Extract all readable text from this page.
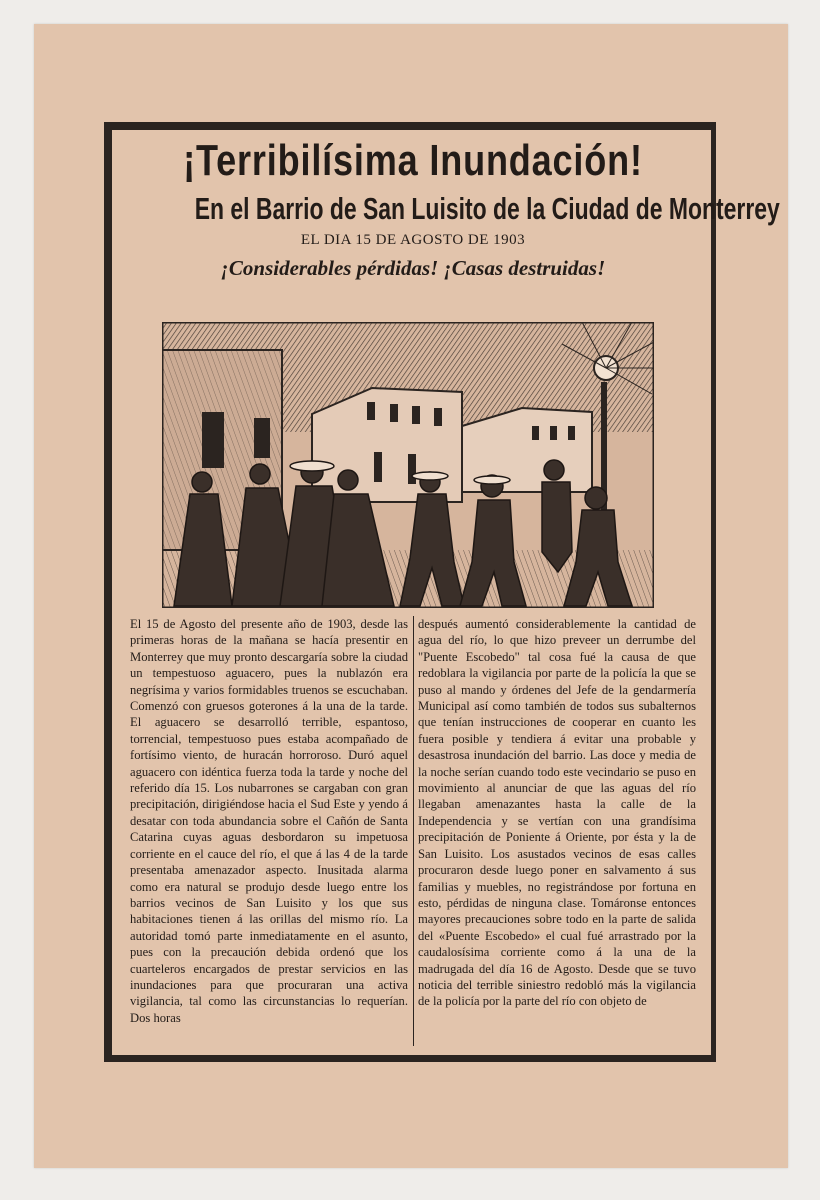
¡Terribilísima Inundación!
En el Barrio de San Luisito de la Ciudad de Monterrey

EL DIA 15 DE AGOSTO DE 1903

¡Considerables pérdidas! ¡Casas destruidas!

El 15 de Agosto del presente año de 1903, desde las primeras horas de la mañana se hacía presentir en Monterrey que muy pronto descargaría sobre la ciudad un tempestuoso aguacero, pues la nublazón era negrísima y varios formidables truenos se escuchaban. Comenzó con gruesos goterones á la una de la tarde. El aguacero se desarrolló terrible, espantoso, torrencial, tempestuoso pues estaba acompañado de fortísimo viento, de huracán horroroso. Duró aquel aguacero con idéntica fuerza toda la tarde y noche del referido día 15. Los nubarrones se cargaban con gran precipitación, dirigiéndose hacia el Sud Este y yendo á desatar con toda abundancia sobre el Cañón de Santa Catarina cuyas aguas desbordaron su impetuosa corriente en el cauce del río, el que á las 4 de la tarde presentaba amenazador aspecto. Inusitada alarma como era natural se produjo desde luego entre los barrios vecinos de San Luisito y los que sus habitaciones tienen á las orillas del mismo río. La autoridad tomó parte inmediatamente en el asunto, pues con la precaución debida ordenó que los cuarteleros encargados de prestar servicios en las inundaciones para que procuraran una activa vigilancia, tal como las circunstancias lo requerían. Dos horas
después aumentó considerablemente la cantidad de agua del río, lo que hizo preveer un derrumbe del "Puente Escobedo" tal cosa fué la causa de que redoblara la vigilancia por parte de la policía la que se puso al mando y órdenes del Jefe de la gendarmería Municipal así como también de todos sus subalternos que tenían instrucciones de cooperar en cuanto les fuera posible y tendiera á evitar una probable y desastrosa inundación del barrio. Las doce y media de la noche serían cuando todo este vecindario se puso en movimiento al anunciar de que las aguas del río llegaban amenazantes hasta la calle de la Independencia y se vertían con una grandísima precipitación de Poniente á Oriente, por ésta y la de San Luisito. Los asustados vecinos de esas calles procuraron desde luego poner en salvamento á sus familias y muebles, no registrándose por fortuna en esto, pérdidas de ninguna clase. Tomáronse entonces mayores precauciones sobre todo en la parte de salida del «Puente Escobedo» el cual fué arrastrado por la caudalosísima corriente como á la una de la madrugada del día 16 de Agosto. Desde que se tuvo noticia del terrible siniestro redobló más la vigilancia de la policía por la parte del río con objeto de
